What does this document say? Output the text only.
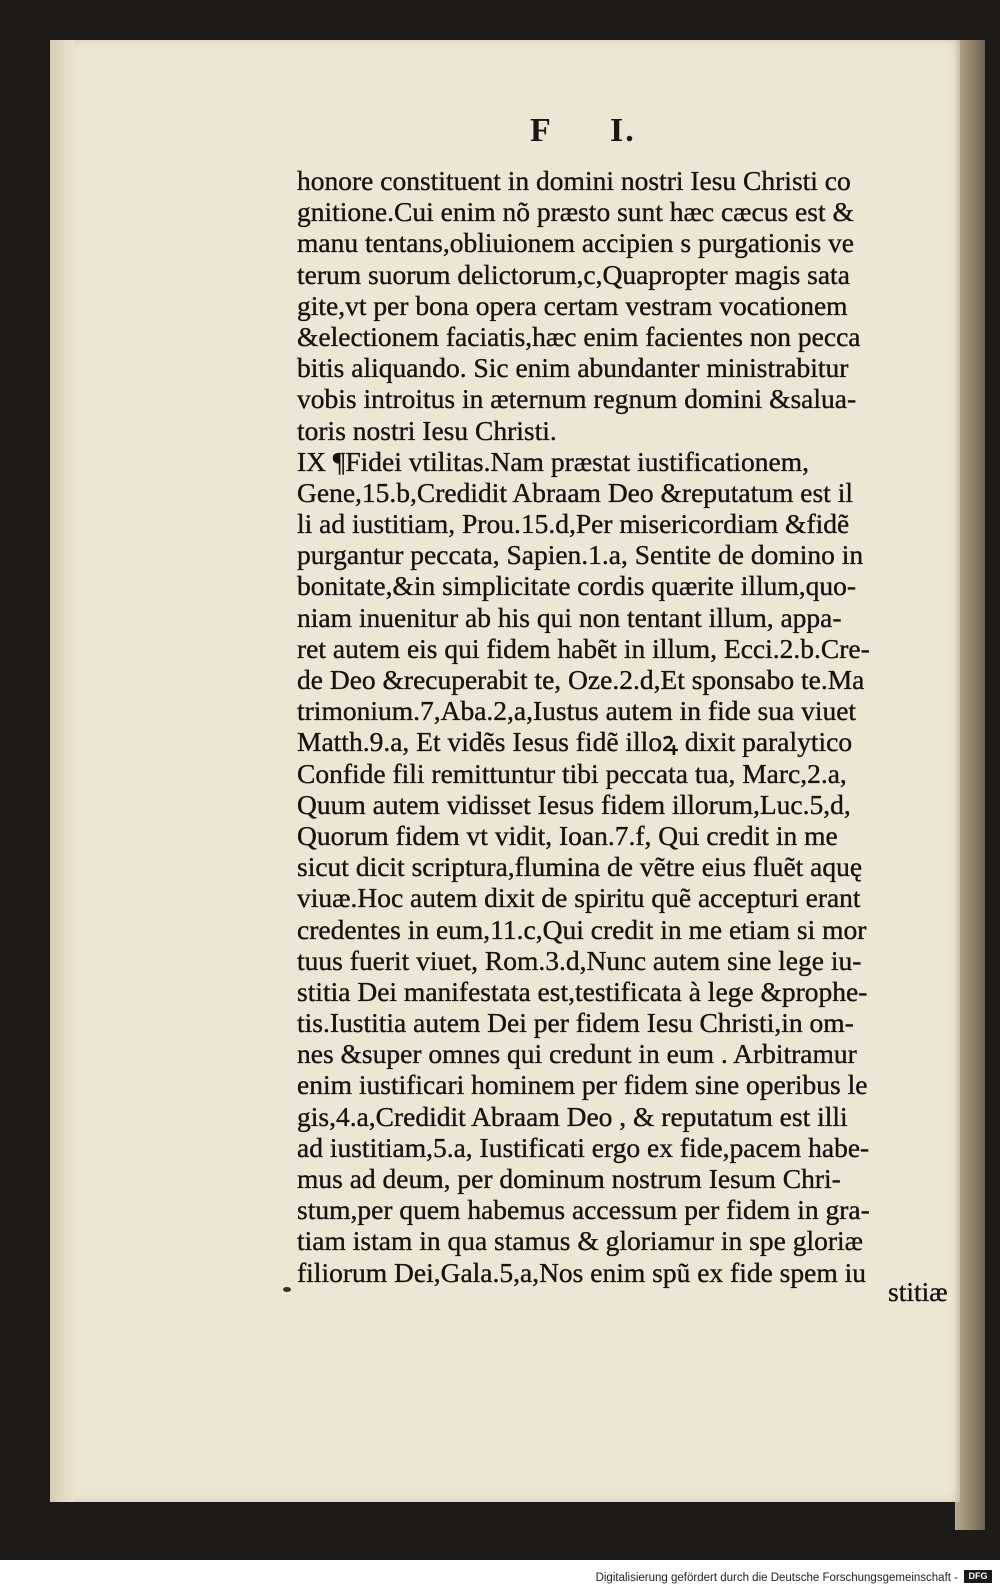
F I.
honore constituent in domini nostri Iesu Christi co
gnitione.Cui enim nõ præsto sunt hæc cæcus est &
manu tentans,obliuionem accipien s purgationis ve
terum suorum delictorum,c,Quapropter magis sata
gite,vt per bona opera certam vestram vocationem
&electionem faciatis,hæc enim facientes non pecca
bitis aliquando. Sic enim abundanter ministrabitur
vobis introitus in æternum regnum domini &salua-
toris nostri Iesu Christi.
IX ¶Fidei vtilitas.Nam præstat iustificationem,
Gene,15.b,Credidit Abraam Deo &reputatum est il
li ad iustitiam, Prou.15.d,Per misericordiam &fidẽ
purgantur peccata, Sapien.1.a, Sentite de domino in
bonitate,&in simplicitate cordis quærite illum,quo-
niam inuenitur ab his qui non tentant illum, appa-
ret autem eis qui fidem habẽt in illum, Ecci.2.b.Cre-
de Deo &recuperabit te, Oze.2.d,Et sponsabo te.Ma
trimonium.7,Aba.2,a,Iustus autem in fide sua viuet
Matth.9.a, Et vidẽs Iesus fidẽ illoꝝ dixit paralytico
Confide fili remittuntur tibi peccata tua, Marc,2.a,
Quum autem vidisset Iesus fidem illorum,Luc.5,d,
Quorum fidem vt vidit, Ioan.7.f, Qui credit in me
sicut dicit scriptura,flumina de vẽtre eius fluẽt aquę
viuæ.Hoc autem dixit de spiritu quẽ accepturi erant
credentes in eum,11.c,Qui credit in me etiam si mor
tuus fuerit viuet, Rom.3.d,Nunc autem sine lege iu-
stitia Dei manifestata est,testificata à lege &prophe-
tis.Iustitia autem Dei per fidem Iesu Christi,in om-
nes &super omnes qui credunt in eum . Arbitramur
enim iustificari hominem per fidem sine operibus le
gis,4.a,Credidit Abraam Deo , & reputatum est illi
ad iustitiam,5.a, Iustificati ergo ex fide,pacem habe-
mus ad deum, per dominum nostrum Iesum Chri-
stum,per quem habemus accessum per fidem in gra-
tiam istam in qua stamus & gloriamur in spe gloriæ
filiorum Dei,Gala.5,a,Nos enim spũ ex fide spem iu
stitiæ
Digitalisierung gefördert durch die Deutsche Forschungsgemeinschaft -	DFG
